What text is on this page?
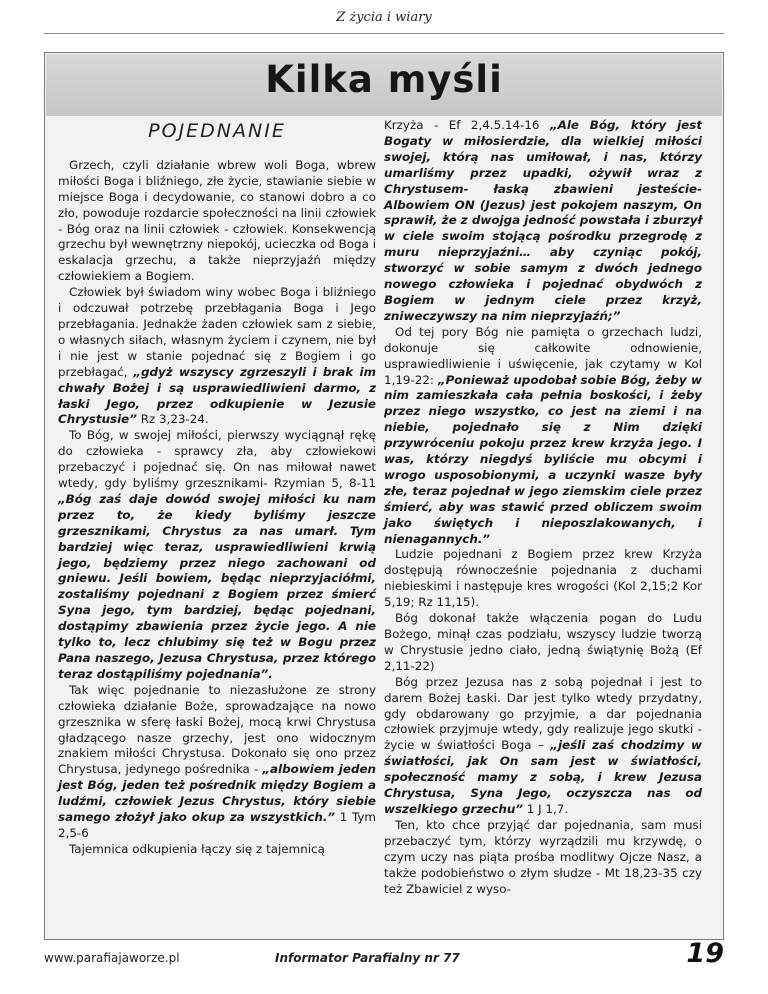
Z życia i wiary
Kilka myśli
POJEDNANIE

Grzech, czyli działanie wbrew woli Boga, wbrew miłości Boga i bliźniego, złe życie, stawianie siebie w miejsce Boga i decydowanie, co stanowi dobro a co zło, powoduje rozdarcie społeczności na linii człowiek - Bóg oraz na linii człowiek - człowiek. Konsekwencją grzechu był wewnętrzny niepokój, ucieczka od Boga i eskalacja grzechu, a także nieprzyjaźń między człowiekiem a Bogiem.

Człowiek był świadom winy wobec Boga i bliźniego i odczuwał potrzebę przebłagania Boga i Jego przebłagania. Jednakże żaden człowiek sam z siebie, o własnych siłach, własnym życiem i czynem, nie był i nie jest w stanie pojednać się z Bogiem i go przebłagać, „gdyż wszyscy zgrzeszyli i brak im chwały Bożej i są usprawiedliwieni darmo, z łaski Jego, przez odkupienie w Jezusie Chrystusie” Rz 3,23-24.

To Bóg, w swojej miłości, pierwszy wyciągnął rękę do człowieka - sprawcy zła, aby człowiekowi przebaczyć i pojednać się. On nas miłował nawet wtedy, gdy byliśmy grzesznikami- Rzymian 5, 8-11 „Bóg zaś daje dowód swojej miłości ku nam przez to, że kiedy byliśmy jeszcze grzesznikami, Chrystus za nas umarł. Tym bardziej więc teraz, usprawiedliwieni krwią jego, będziemy przez niego zachowani od gniewu. Jeśli bowiem, będąc nieprzyjaciółmi, zostaliśmy pojednani z Bogiem przez śmierć Syna jego, tym bardziej, będąc pojednani, dostąpimy zbawienia przez życie jego. A nie tylko to, lecz chlubimy się też w Bogu przez Pana naszego, Jezusa Chrystusa, przez którego teraz dostąpiliśmy pojednania”.

Tak więc pojednanie to niezasłużone ze strony człowieka działanie Boże, sprowadzające na nowo grzesznika w sferę łaski Bożej, mocą krwi Chrystusa gładzącego nasze grzechy, jest ono widocznym znakiem miłości Chrystusa. Dokonało się ono przez Chrystusa, jedynego pośrednika - „albowiem jeden jest Bóg, jeden też pośrednik między Bogiem a ludźmi, człowiek Jezus Chrystus, który siebie samego złożył jako okup za wszystkich.” 1 Tym 2,5-6

Tajemnica odkupienia łączy się z tajemnicą

Krzyża - Ef 2,4.5.14-16 „Ale Bóg, który jest Bogaty w miłosierdzie, dla wielkiej miłości swojej, którą nas umiłował, i nas, którzy umarliśmy przez upadki, ożywił wraz z Chrystusem- łaską zbawieni jesteście- Albowiem ON (Jezus) jest pokojem naszym, On sprawił, że z dwojga jedność powstała i zburzył w ciele swoim stojącą pośrodku przegrodę z muru nieprzyjaźni… aby czyniąc pokój, stworzyć w sobie samym z dwóch jednego nowego człowieka i pojednać obydwóch z Bogiem w jednym ciele przez krzyż, zniweczywszy na nim nieprzyjaźń;”

Od tej pory Bóg nie pamięta o grzechach ludzi, dokonuje się całkowite odnowienie, usprawiedliwienie i uświęcenie, jak czytamy w Kol 1,19-22: „Ponieważ upodobał sobie Bóg, żeby w nim zamieszkała cała pełnia boskości, i żeby przez niego wszystko, co jest na ziemi i na niebie, pojednało się z Nim dzięki przywróceniu pokoju przez krew krzyża jego. I was, którzy niegdyś byliście mu obcymi i wrogo usposobionymi, a uczynki wasze były złe, teraz pojednał w jego ziemskim ciele przez śmierć, aby was stawić przed obliczem swoim jako świętych i nieposzlakowanych, i nienagannych.”

Ludzie pojednani z Bogiem przez krew Krzyża dostępują równocześnie pojednania z duchami niebieskimi i następuje kres wrogości (Kol 2,15;2 Kor 5,19; Rz 11,15).

Bóg dokonał także włączenia pogan do Ludu Bożego, minął czas podziału, wszyscy ludzie tworzą w Chrystusie jedno ciało, jedną świątynię Bożą (Ef 2,11-22)

Bóg przez Jezusa nas z sobą pojednał i jest to darem Bożej Łaski. Dar jest tylko wtedy przydatny, gdy obdarowany go przyjmie, a dar pojednania człowiek przyjmuje wtedy, gdy realizuje jego skutki - życie w światłości Boga – „jeśli zaś chodzimy w światłości, jak On sam jest w światłości, społeczność mamy z sobą, i krew Jezusa Chrystusa, Syna Jego, oczyszcza nas od wszelkiego grzechu” 1 J 1,7.

Ten, kto chce przyjąć dar pojednania, sam musi przebaczyć tym, którzy wyrządzili mu krzywdę, o czym uczy nas piąta prośba modlitwy Ojcze Nasz, a także podobieństwo o złym słudze - Mt 18,23-35 czy też Zbawiciel z wyso-

www.parafiajaworze.pl	Informator Parafialny nr 77	19
